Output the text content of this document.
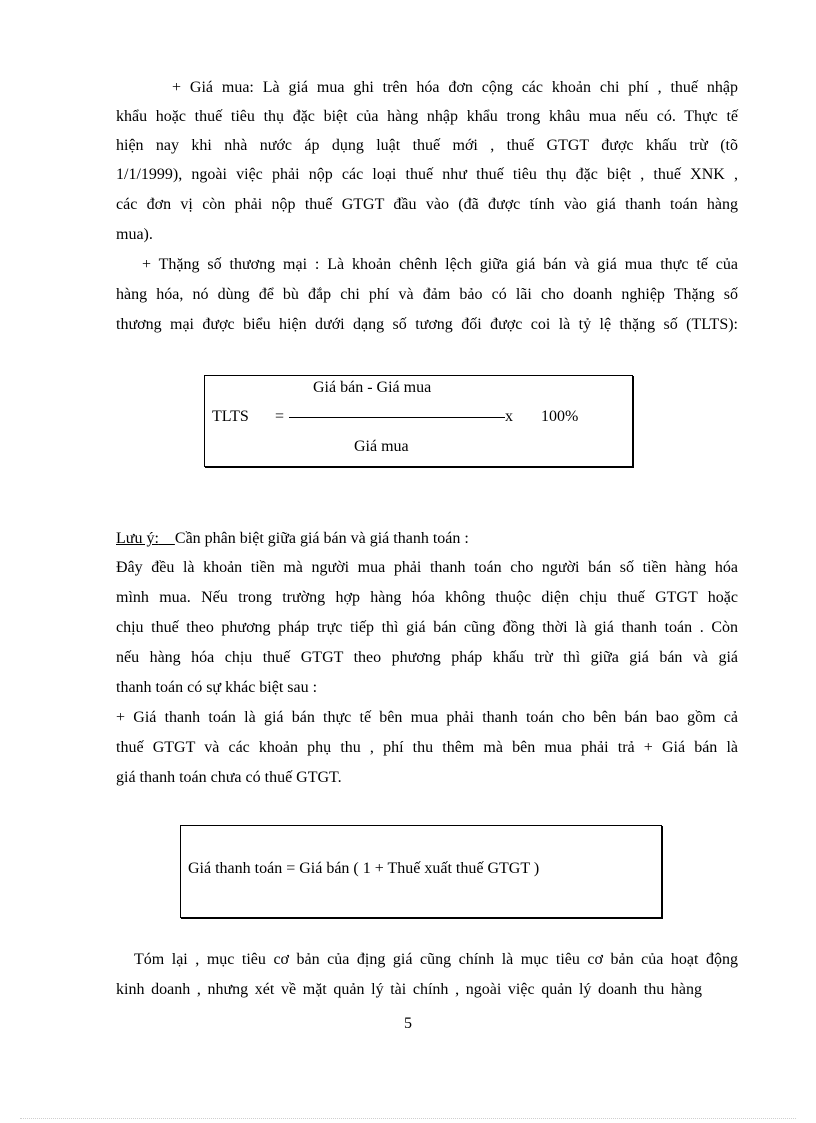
+ Giá mua: Là giá mua ghi trên hóa đơn cộng các khoản chi phí , thuế nhập
khẩu hoặc thuế tiêu thụ đặc biệt của hàng nhập khẩu trong khâu mua nếu có. Thực tế
hiện nay khi nhà nước áp dụng luật thuế mới , thuế GTGT được khấu trừ (tõ
1/1/1999), ngoài việc phải nộp các loại thuế như thuế tiêu thụ đặc biệt , thuế XNK ,
các đơn vị còn phải nộp thuế GTGT đầu vào (đã được tính vào giá thanh toán hàng
mua).
+ Thặng số thương mại : Là khoản chênh lệch giữa giá bán và giá mua thực tế của
hàng hóa, nó dùng để bù đắp chi phí và đảm bảo có lãi cho doanh nghiệp Thặng số
thương mại được biểu hiện dưới dạng số tương đối được coi là tỷ lệ thặng số (TLTS):
Giá bán - Giá mua
TLTS =	x 100%
Giá mua
Lưu ý: Cần phân biệt giữa giá bán và giá thanh toán :
Đây đều là khoản tiền mà người mua phải thanh toán cho người bán số tiền hàng hóa
mình mua. Nếu trong trường hợp hàng hóa không thuộc diện chịu thuế GTGT hoặc
chịu thuế theo phương pháp trực tiếp thì giá bán cũng đồng thời là giá thanh toán . Còn
nếu hàng hóa chịu thuế GTGT theo phương pháp khấu trừ thì giữa giá bán và giá
thanh toán có sự khác biệt sau :
+ Giá thanh toán là giá bán thực tế bên mua phải thanh toán cho bên bán bao gồm cả
thuế GTGT và các khoản phụ thu , phí thu thêm mà bên mua phải trả + Giá bán là
giá thanh toán chưa có thuế GTGT.
Giá thanh toán = Giá bán ( 1 + Thuế xuất thuế GTGT )
Tóm lại , mục tiêu cơ bản của địng giá cũng chính là mục tiêu cơ bản của hoạt động
kinh doanh , nhưng xét về mặt quản lý tài chính , ngoài việc quản lý doanh thu hàng
5
